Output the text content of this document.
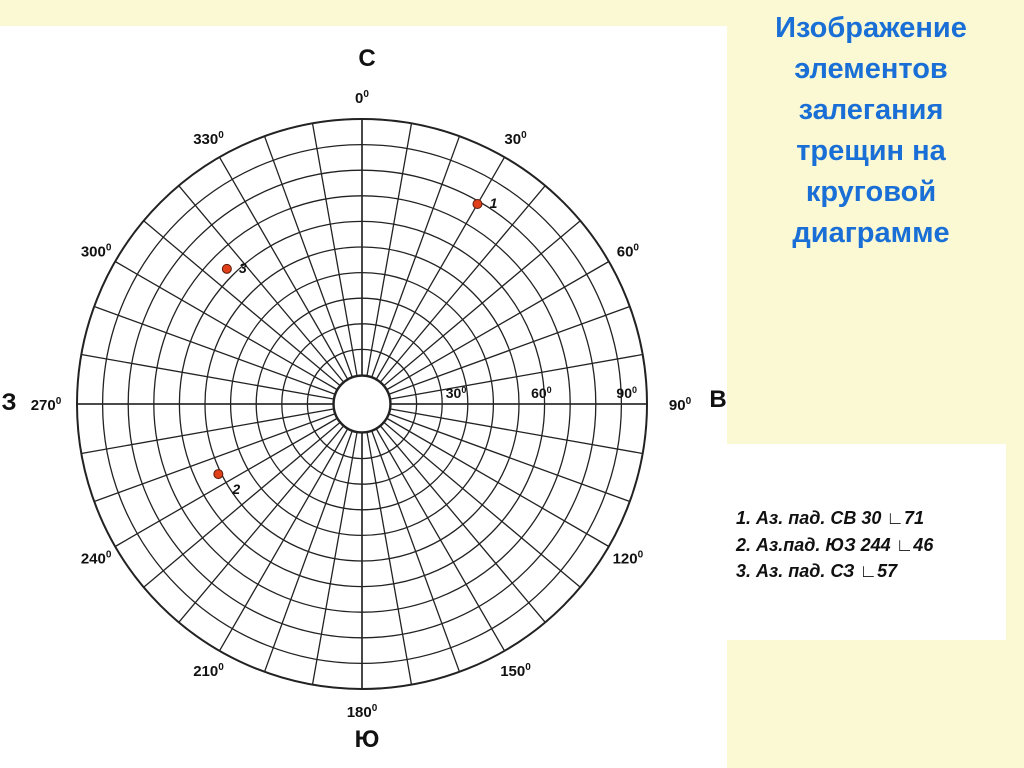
Изображение
элементов
залегания
трещин на
круговой
диаграмме
1. Аз. пад. СВ 30 ∟71
2. Аз.пад. ЮЗ 244 ∟46
3. Аз. пад. СЗ ∟57
1
2
3
С
В
Ю
З
$0^0$
$30^0$
$60^0$
$90^0$
$120^0$
$150^0$
$180^0$
$210^0$
$240^0$
$270^0$
$300^0$
$330^0$
$30^0$	$60^0$	$90^0$
